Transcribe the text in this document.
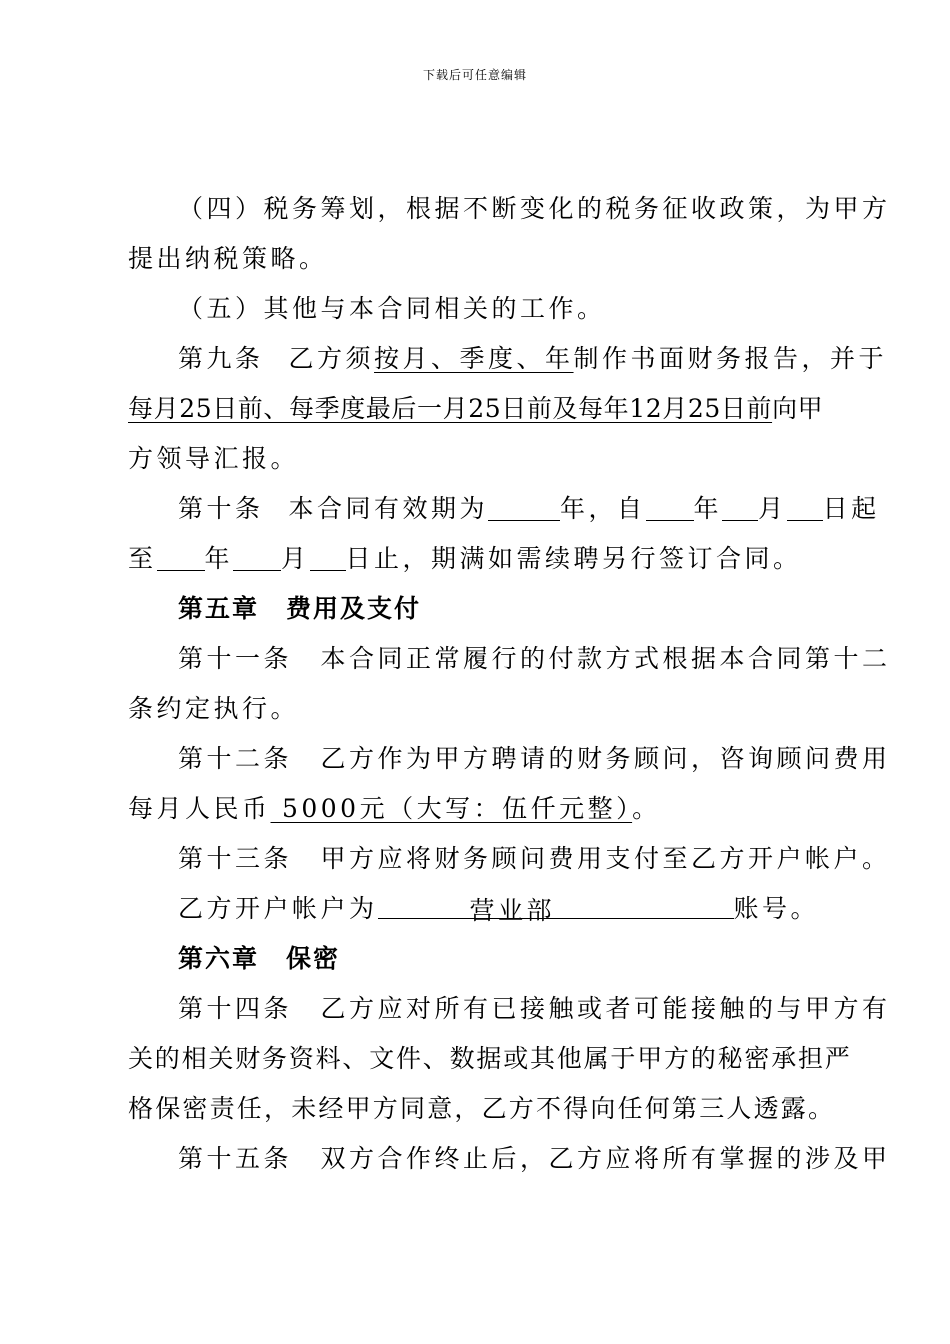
下载后可任意编辑

（四）税务筹划，根据不断变化的税务征收政策，为甲方

提出纳税策略。

（五）其他与本合同相关的工作。

第九条 乙方须按月、季度、年制作书面财务报告，并于

每月25日前、每季度最后一月25日前及每年12月25日前向甲

方领导汇报。

第十条 本合同有效期为	年，自 年 月 日起

至 年 月 日止，期满如需续聘另行签订合同。

第五章　费用及支付

第十一条　本合同正常履行的付款方式根据本合同第十二

条约定执行。

第十二条　乙方作为甲方聘请的财务顾问，咨询顾问费用

每月人民币 5000元（大写：伍仟元整）。

第十三条　甲方应将财务顾问费用支付至乙方开户帐户。

乙方开户帐户为	营业部	账号。

第六章　保密

第十四条　乙方应对所有已接触或者可能接触的与甲方有

关的相关财务资料、文件、数据或其他属于甲方的秘密承担严

格保密责任，未经甲方同意，乙方不得向任何第三人透露。

第十五条　双方合作终止后，乙方应将所有掌握的涉及甲
